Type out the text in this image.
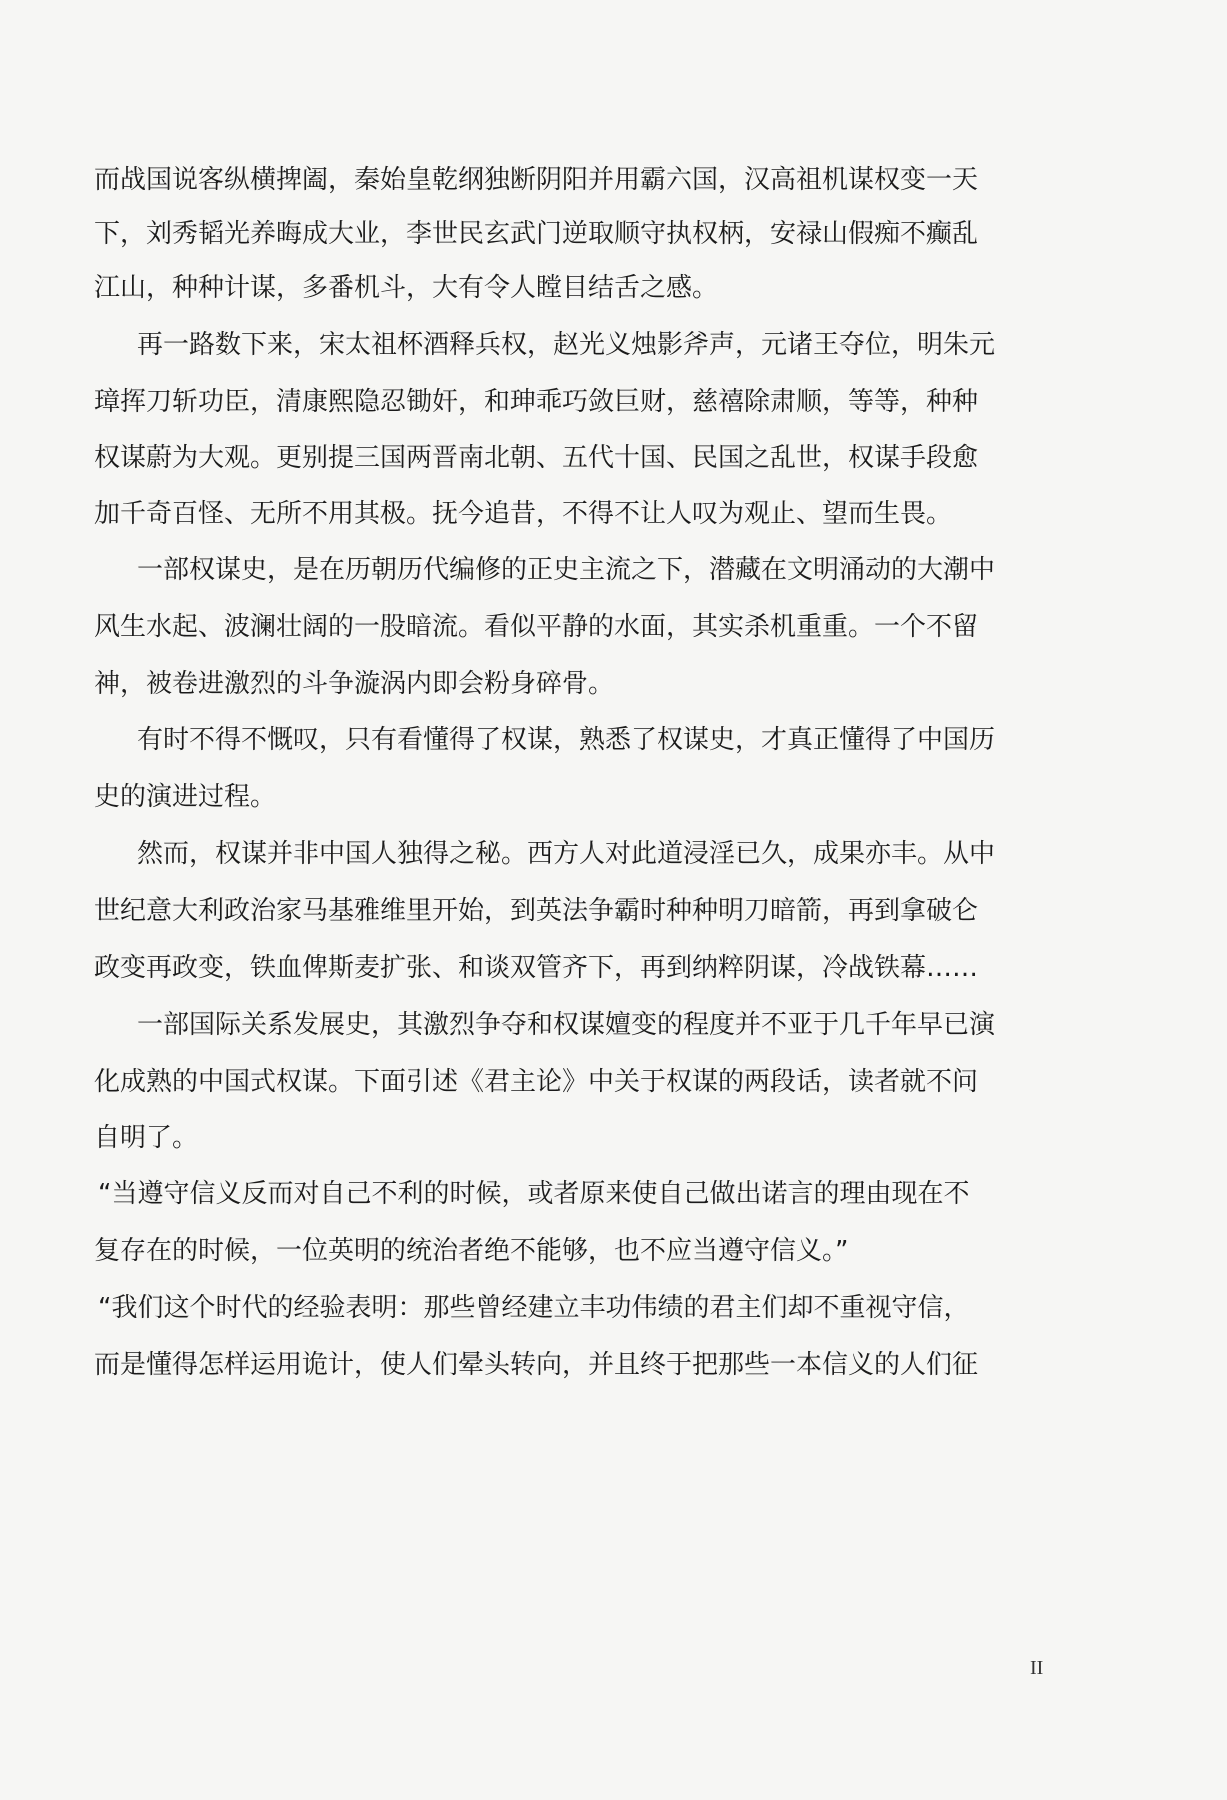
而战国说客纵横捭阖，秦始皇乾纲独断阴阳并用霸六国，汉高祖机谋权变一天
下，刘秀韬光养晦成大业，李世民玄武门逆取顺守执权柄，安禄山假痴不癫乱
江山，种种计谋，多番机斗，大有令人瞠目结舌之感。
再一路数下来，宋太祖杯酒释兵权，赵光义烛影斧声，元诸王夺位，明朱元
璋挥刀斩功臣，清康熙隐忍锄奸，和珅乖巧敛巨财，慈禧除肃顺，等等，种种
权谋蔚为大观。更别提三国两晋南北朝、五代十国、民国之乱世，权谋手段愈
加千奇百怪、无所不用其极。抚今追昔，不得不让人叹为观止、望而生畏。
一部权谋史，是在历朝历代编修的正史主流之下，潜藏在文明涌动的大潮中
风生水起、波澜壮阔的一股暗流。看似平静的水面，其实杀机重重。一个不留
神，被卷进激烈的斗争漩涡内即会粉身碎骨。
有时不得不慨叹，只有看懂得了权谋，熟悉了权谋史，才真正懂得了中国历
史的演进过程。
然而，权谋并非中国人独得之秘。西方人对此道浸淫已久，成果亦丰。从中
世纪意大利政治家马基雅维里开始，到英法争霸时种种明刀暗箭，再到拿破仑
政变再政变，铁血俾斯麦扩张、和谈双管齐下，再到纳粹阴谋，冷战铁幕……
一部国际关系发展史，其激烈争夺和权谋嬗变的程度并不亚于几千年早已演
化成熟的中国式权谋。下面引述《君主论》中关于权谋的两段话，读者就不问
自明了。
“当遵守信义反而对自己不利的时候，或者原来使自己做出诺言的理由现在不
复存在的时候，一位英明的统治者绝不能够，也不应当遵守信义。”
“我们这个时代的经验表明：那些曾经建立丰功伟绩的君主们却不重视守信，
而是懂得怎样运用诡计，使人们晕头转向，并且终于把那些一本信义的人们征
II
